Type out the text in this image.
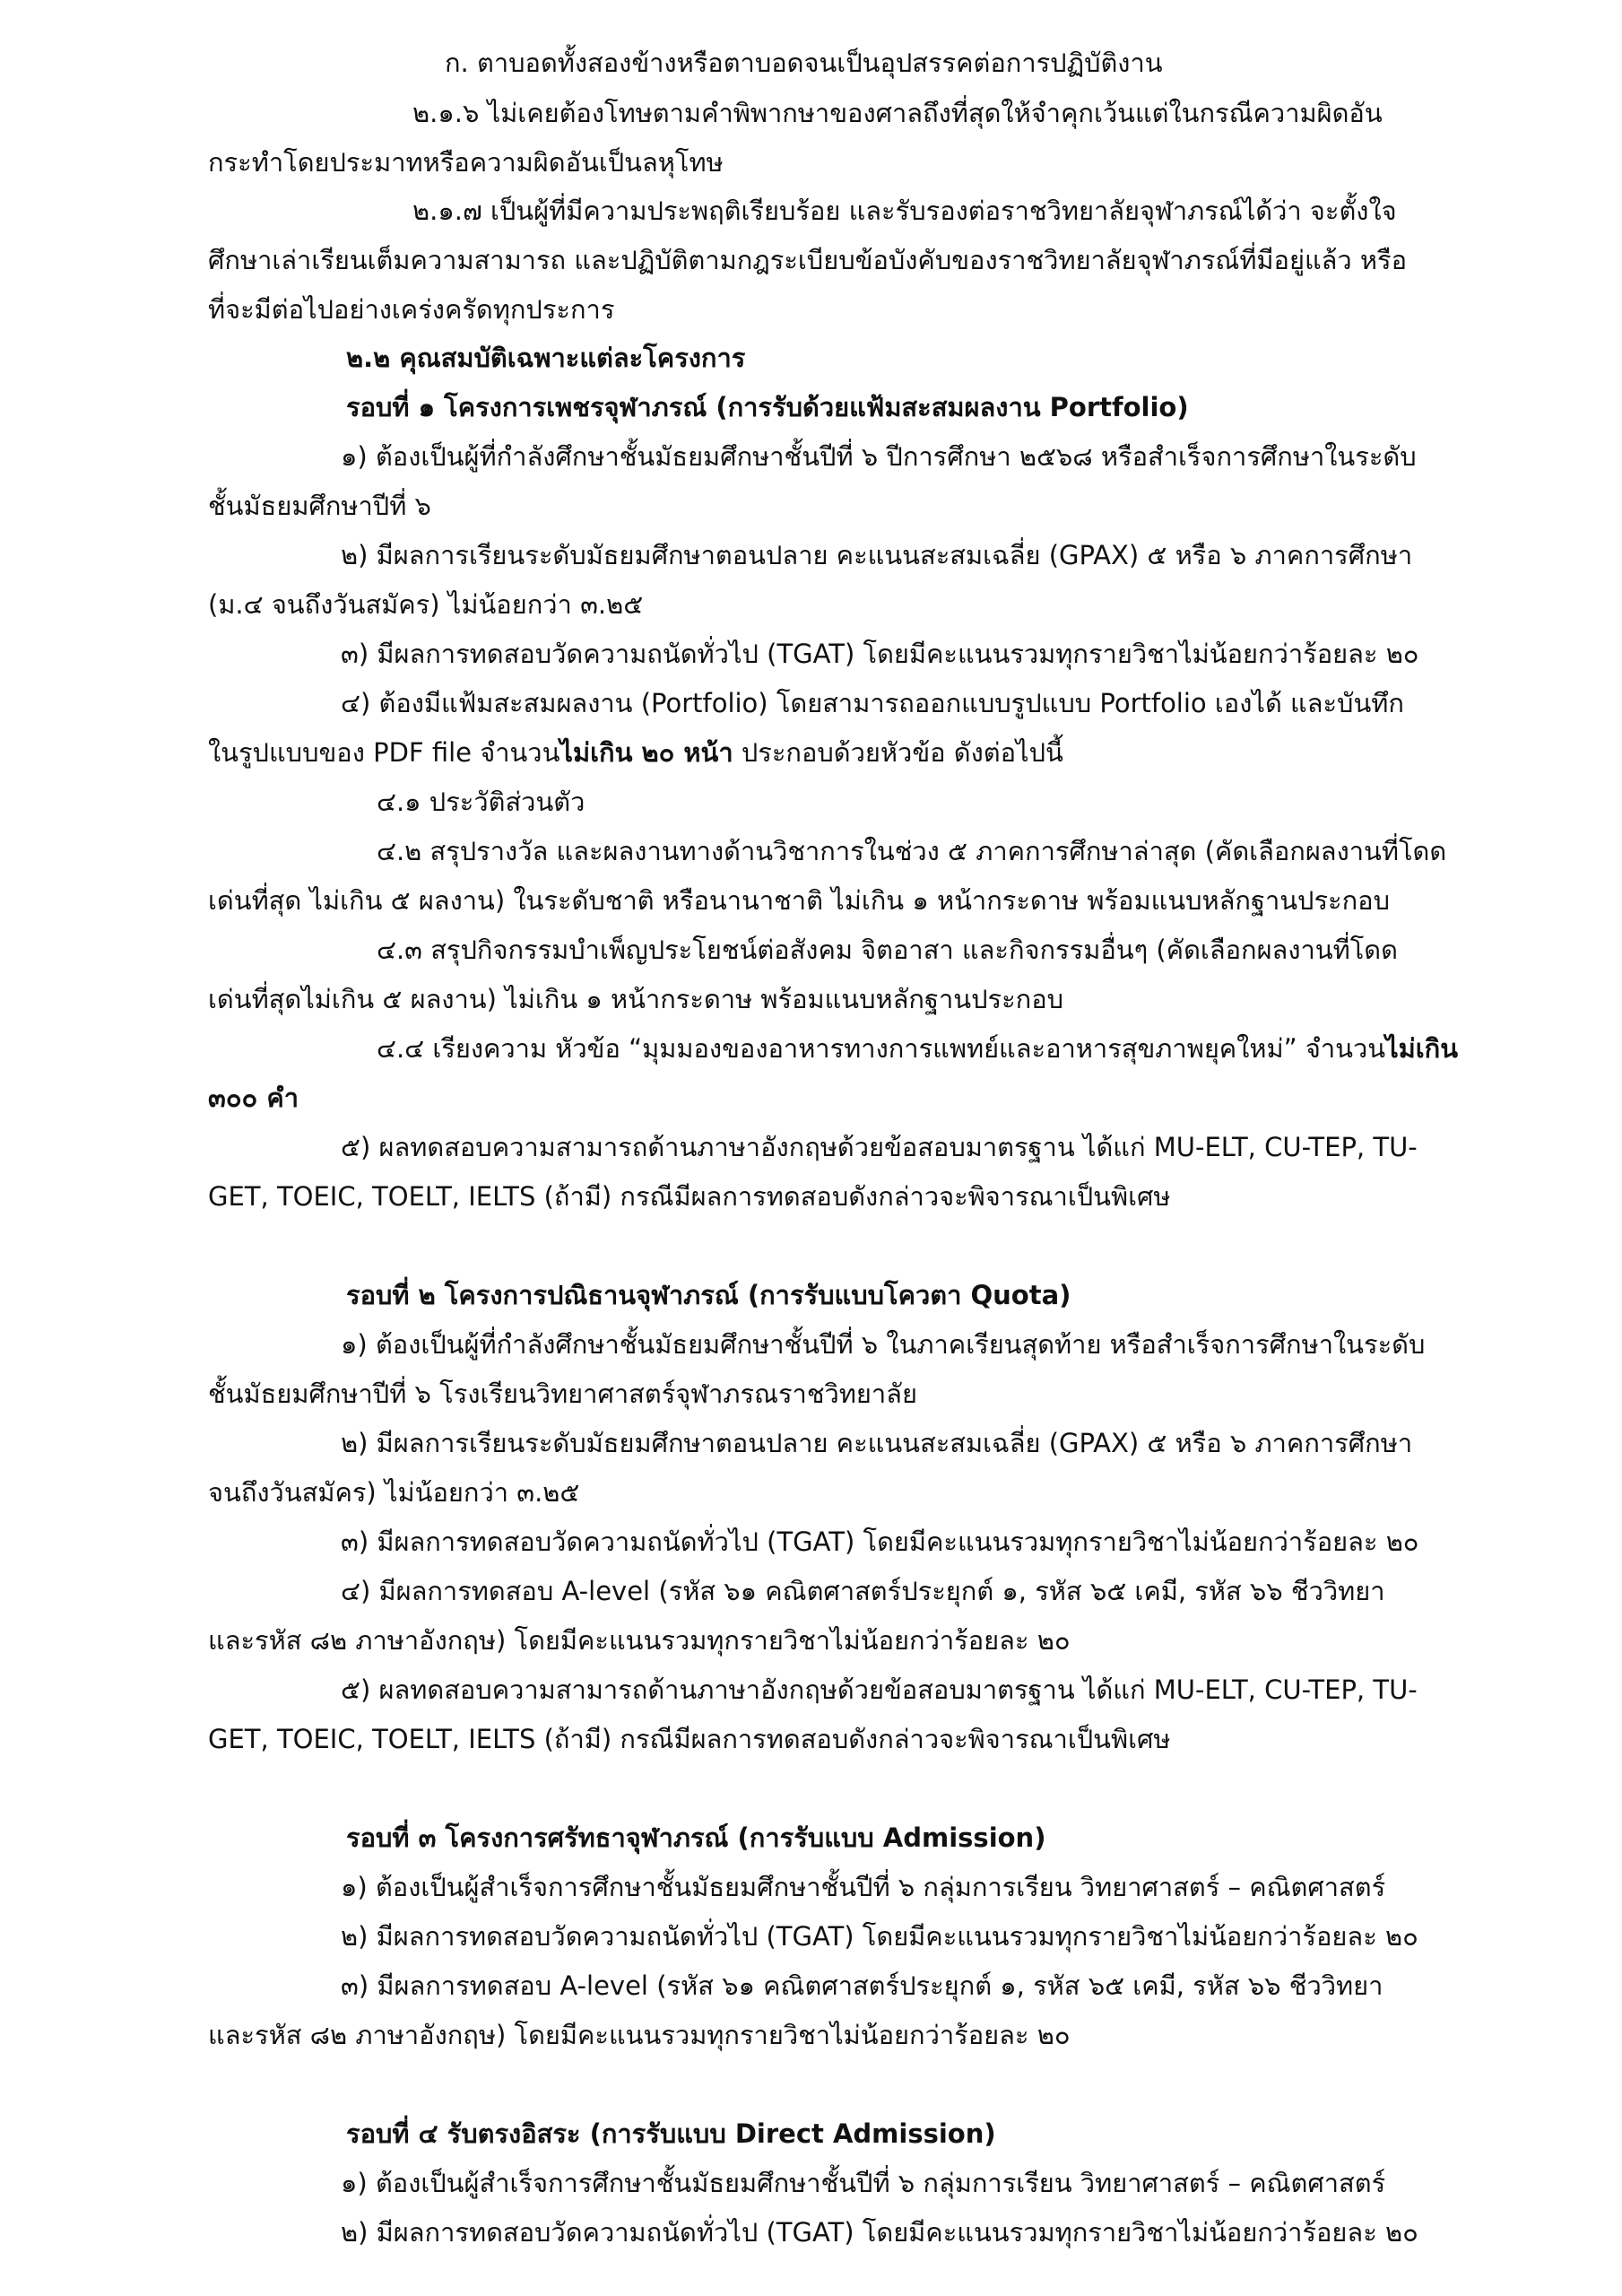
ก. ตาบอดทั้งสองข้างหรือตาบอดจนเป็นอุปสรรคต่อการปฏิบัติงาน

๒.๑.๖ ไม่เคยต้องโทษตามคำพิพากษาของศาลถึงที่สุดให้จำคุกเว้นแต่ในกรณีความผิดอัน

กระทำโดยประมาทหรือความผิดอันเป็นลหุโทษ

๒.๑.๗ เป็นผู้ที่มีความประพฤติเรียบร้อย และรับรองต่อราชวิทยาลัยจุฬาภรณ์ได้ว่า จะตั้งใจ

ศึกษาเล่าเรียนเต็มความสามารถ และปฏิบัติตามกฎระเบียบข้อบังคับของราชวิทยาลัยจุฬาภรณ์ที่มีอยู่แล้ว หรือ

ที่จะมีต่อไปอย่างเคร่งครัดทุกประการ

๒.๒ คุณสมบัติเฉพาะแต่ละโครงการ

รอบที่ ๑ โครงการเพชรจุฬาภรณ์ (การรับด้วยแฟ้มสะสมผลงาน Portfolio)

๑) ต้องเป็นผู้ที่กำลังศึกษาชั้นมัธยมศึกษาชั้นปีที่ ๖ ปีการศึกษา ๒๕๖๘ หรือสำเร็จการศึกษาในระดับ

ชั้นมัธยมศึกษาปีที่ ๖

๒) มีผลการเรียนระดับมัธยมศึกษาตอนปลาย คะแนนสะสมเฉลี่ย (GPAX) ๕ หรือ ๖ ภาคการศึกษา

(ม.๔ จนถึงวันสมัคร) ไม่น้อยกว่า ๓.๒๕

๓) มีผลการทดสอบวัดความถนัดทั่วไป (TGAT) โดยมีคะแนนรวมทุกรายวิชาไม่น้อยกว่าร้อยละ ๒๐

๔) ต้องมีแฟ้มสะสมผลงาน (Portfolio) โดยสามารถออกแบบรูปแบบ Portfolio เองได้ และบันทึก

ในรูปแบบของ PDF file จำนวนไม่เกิน ๒๐ หน้า ประกอบด้วยหัวข้อ ดังต่อไปนี้

๔.๑ ประวัติส่วนตัว

๔.๒ สรุปรางวัล และผลงานทางด้านวิชาการในช่วง ๕ ภาคการศึกษาล่าสุด (คัดเลือกผลงานที่โดด

เด่นที่สุด ไม่เกิน ๕ ผลงาน) ในระดับชาติ หรือนานาชาติ ไม่เกิน ๑ หน้ากระดาษ พร้อมแนบหลักฐานประกอบ

๔.๓ สรุปกิจกรรมบำเพ็ญประโยชน์ต่อสังคม จิตอาสา และกิจกรรมอื่นๆ (คัดเลือกผลงานที่โดด

เด่นที่สุดไม่เกิน ๕ ผลงาน) ไม่เกิน ๑ หน้ากระดาษ พร้อมแนบหลักฐานประกอบ

๔.๔ เรียงความ หัวข้อ “มุมมองของอาหารทางการแพทย์และอาหารสุขภาพยุคใหม่” จำนวนไม่เกิน

๓๐๐ คำ

๕) ผลทดสอบความสามารถด้านภาษาอังกฤษด้วยข้อสอบมาตรฐาน ได้แก่ MU-ELT, CU-TEP, TU-

GET, TOEIC, TOELT, IELTS (ถ้ามี) กรณีมีผลการทดสอบดังกล่าวจะพิจารณาเป็นพิเศษ

รอบที่ ๒ โครงการปณิธานจุฬาภรณ์ (การรับแบบโควตา Quota)

๑) ต้องเป็นผู้ที่กำลังศึกษาชั้นมัธยมศึกษาชั้นปีที่ ๖ ในภาคเรียนสุดท้าย หรือสำเร็จการศึกษาในระดับ

ชั้นมัธยมศึกษาปีที่ ๖ โรงเรียนวิทยาศาสตร์จุฬาภรณราชวิทยาลัย

๒) มีผลการเรียนระดับมัธยมศึกษาตอนปลาย คะแนนสะสมเฉลี่ย (GPAX) ๕ หรือ ๖ ภาคการศึกษา

จนถึงวันสมัคร) ไม่น้อยกว่า ๓.๒๕

๓) มีผลการทดสอบวัดความถนัดทั่วไป (TGAT) โดยมีคะแนนรวมทุกรายวิชาไม่น้อยกว่าร้อยละ ๒๐

๔) มีผลการทดสอบ A-level (รหัส ๖๑ คณิตศาสตร์ประยุกต์ ๑, รหัส ๖๕ เคมี, รหัส ๖๖ ชีววิทยา

และรหัส ๘๒ ภาษาอังกฤษ) โดยมีคะแนนรวมทุกรายวิชาไม่น้อยกว่าร้อยละ ๒๐

๕) ผลทดสอบความสามารถด้านภาษาอังกฤษด้วยข้อสอบมาตรฐาน ได้แก่ MU-ELT, CU-TEP, TU-

GET, TOEIC, TOELT, IELTS (ถ้ามี) กรณีมีผลการทดสอบดังกล่าวจะพิจารณาเป็นพิเศษ

รอบที่ ๓ โครงการศรัทธาจุฬาภรณ์ (การรับแบบ Admission)

๑) ต้องเป็นผู้สำเร็จการศึกษาชั้นมัธยมศึกษาชั้นปีที่ ๖ กลุ่มการเรียน วิทยาศาสตร์ – คณิตศาสตร์

๒) มีผลการทดสอบวัดความถนัดทั่วไป (TGAT) โดยมีคะแนนรวมทุกรายวิชาไม่น้อยกว่าร้อยละ ๒๐

๓) มีผลการทดสอบ A-level (รหัส ๖๑ คณิตศาสตร์ประยุกต์ ๑, รหัส ๖๕ เคมี, รหัส ๖๖ ชีววิทยา

และรหัส ๘๒ ภาษาอังกฤษ) โดยมีคะแนนรวมทุกรายวิชาไม่น้อยกว่าร้อยละ ๒๐

รอบที่ ๔ รับตรงอิสระ (การรับแบบ Direct Admission)

๑) ต้องเป็นผู้สำเร็จการศึกษาชั้นมัธยมศึกษาชั้นปีที่ ๖ กลุ่มการเรียน วิทยาศาสตร์ – คณิตศาสตร์

๒) มีผลการทดสอบวัดความถนัดทั่วไป (TGAT) โดยมีคะแนนรวมทุกรายวิชาไม่น้อยกว่าร้อยละ ๒๐
